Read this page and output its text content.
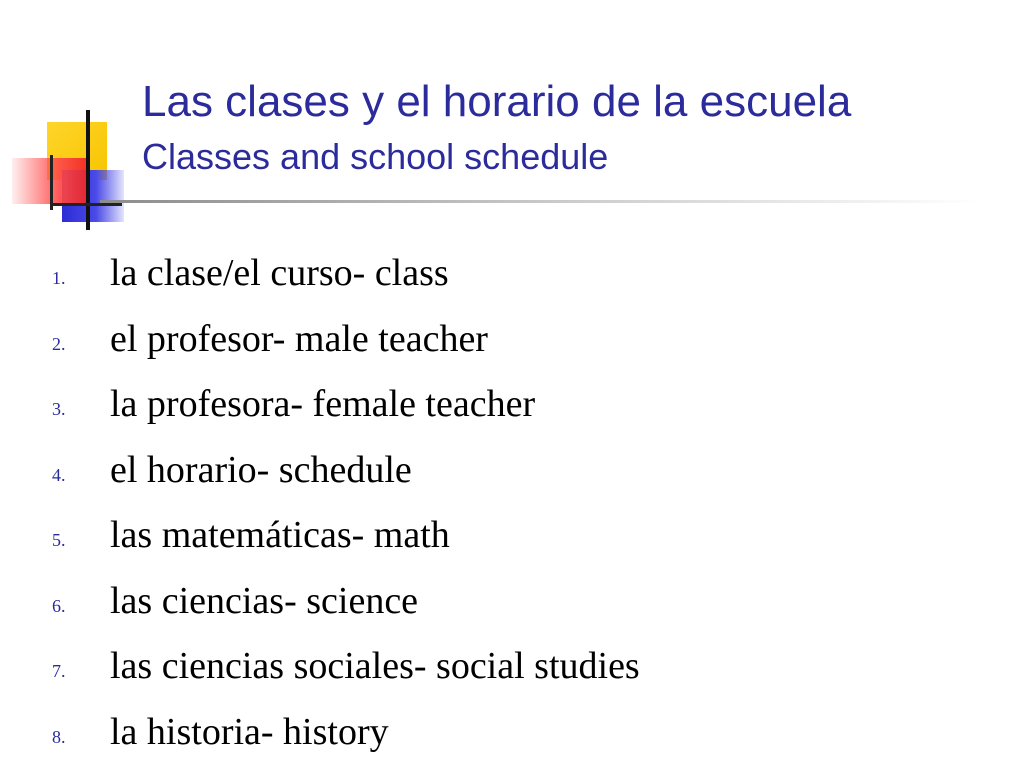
Las clases y el horario de la escuela
Classes and school schedule
1. la clase/el curso- class
2. el profesor- male teacher
3. la profesora- female teacher
4. el horario- schedule
5. las matemáticas- math
6. las ciencias- science
7. las ciencias sociales- social studies
8. la historia- history
